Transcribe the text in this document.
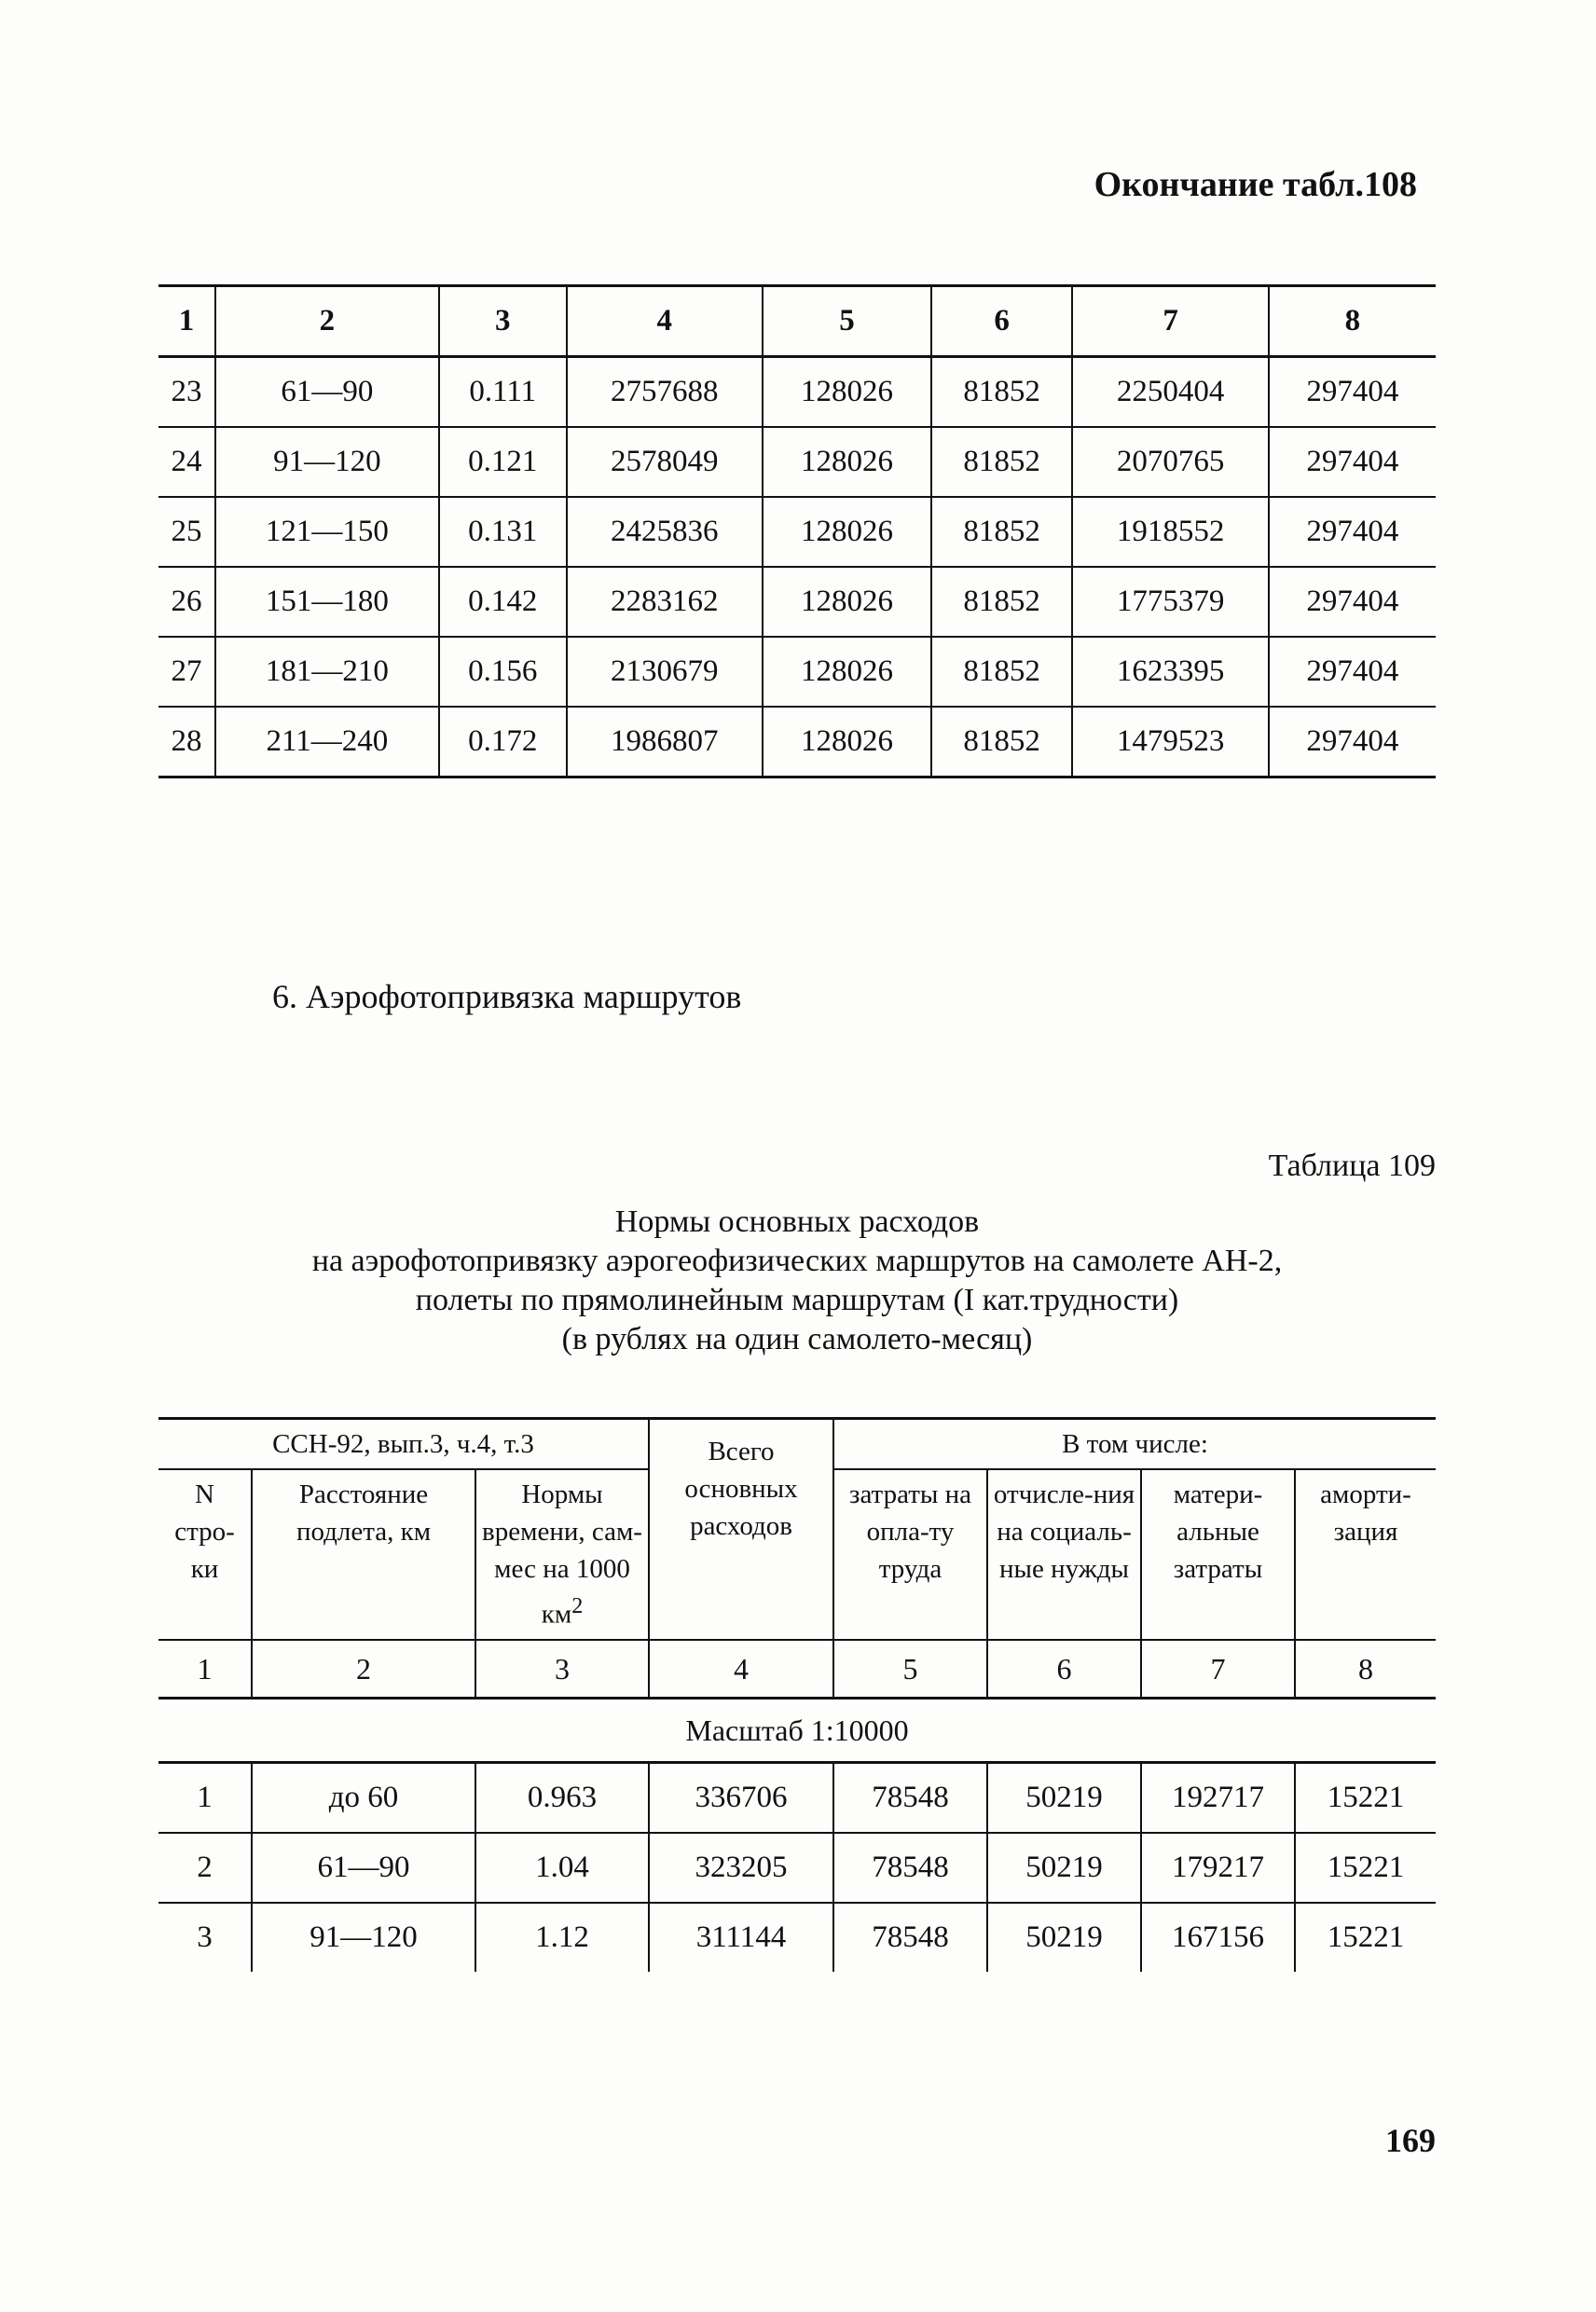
Окончание табл.108
1	2	3	4	5	6	7	8
23	61—90	0.111	2757688	128026	81852	2250404	297404
24	91—120	0.121	2578049	128026	81852	2070765	297404
25	121—150	0.131	2425836	128026	81852	1918552	297404
26	151—180	0.142	2283162	128026	81852	1775379	297404
27	181—210	0.156	2130679	128026	81852	1623395	297404
28	211—240	0.172	1986807	128026	81852	1479523	297404
6. Аэрофотопривязка маршрутов
Таблица 109
Нормы основных расходов
на аэрофотопривязку аэрогеофизических маршрутов на самолете АН-2,
полеты по прямолинейным маршрутам (I кат.трудности)
(в рублях на один самолето-месяц)
ССН-92, вып.3, ч.4, т.3			Всего основных расходов	В том числе:			
N стро-ки	Расстояние подлета, км	Нормы времени, сам-мес на 1000 $км^2$		затраты на опла-ту труда	отчисле-ния на социаль-ные нужды	матери-альные затраты	аморти-зация
1	2	3	4	5	6	7	8
Масштаб 1:10000							
1	до 60	0.963	336706	78548	50219	192717	15221
2	61—90	1.04	323205	78548	50219	179217	15221
3	91—120	1.12	311144	78548	50219	167156	15221
169
